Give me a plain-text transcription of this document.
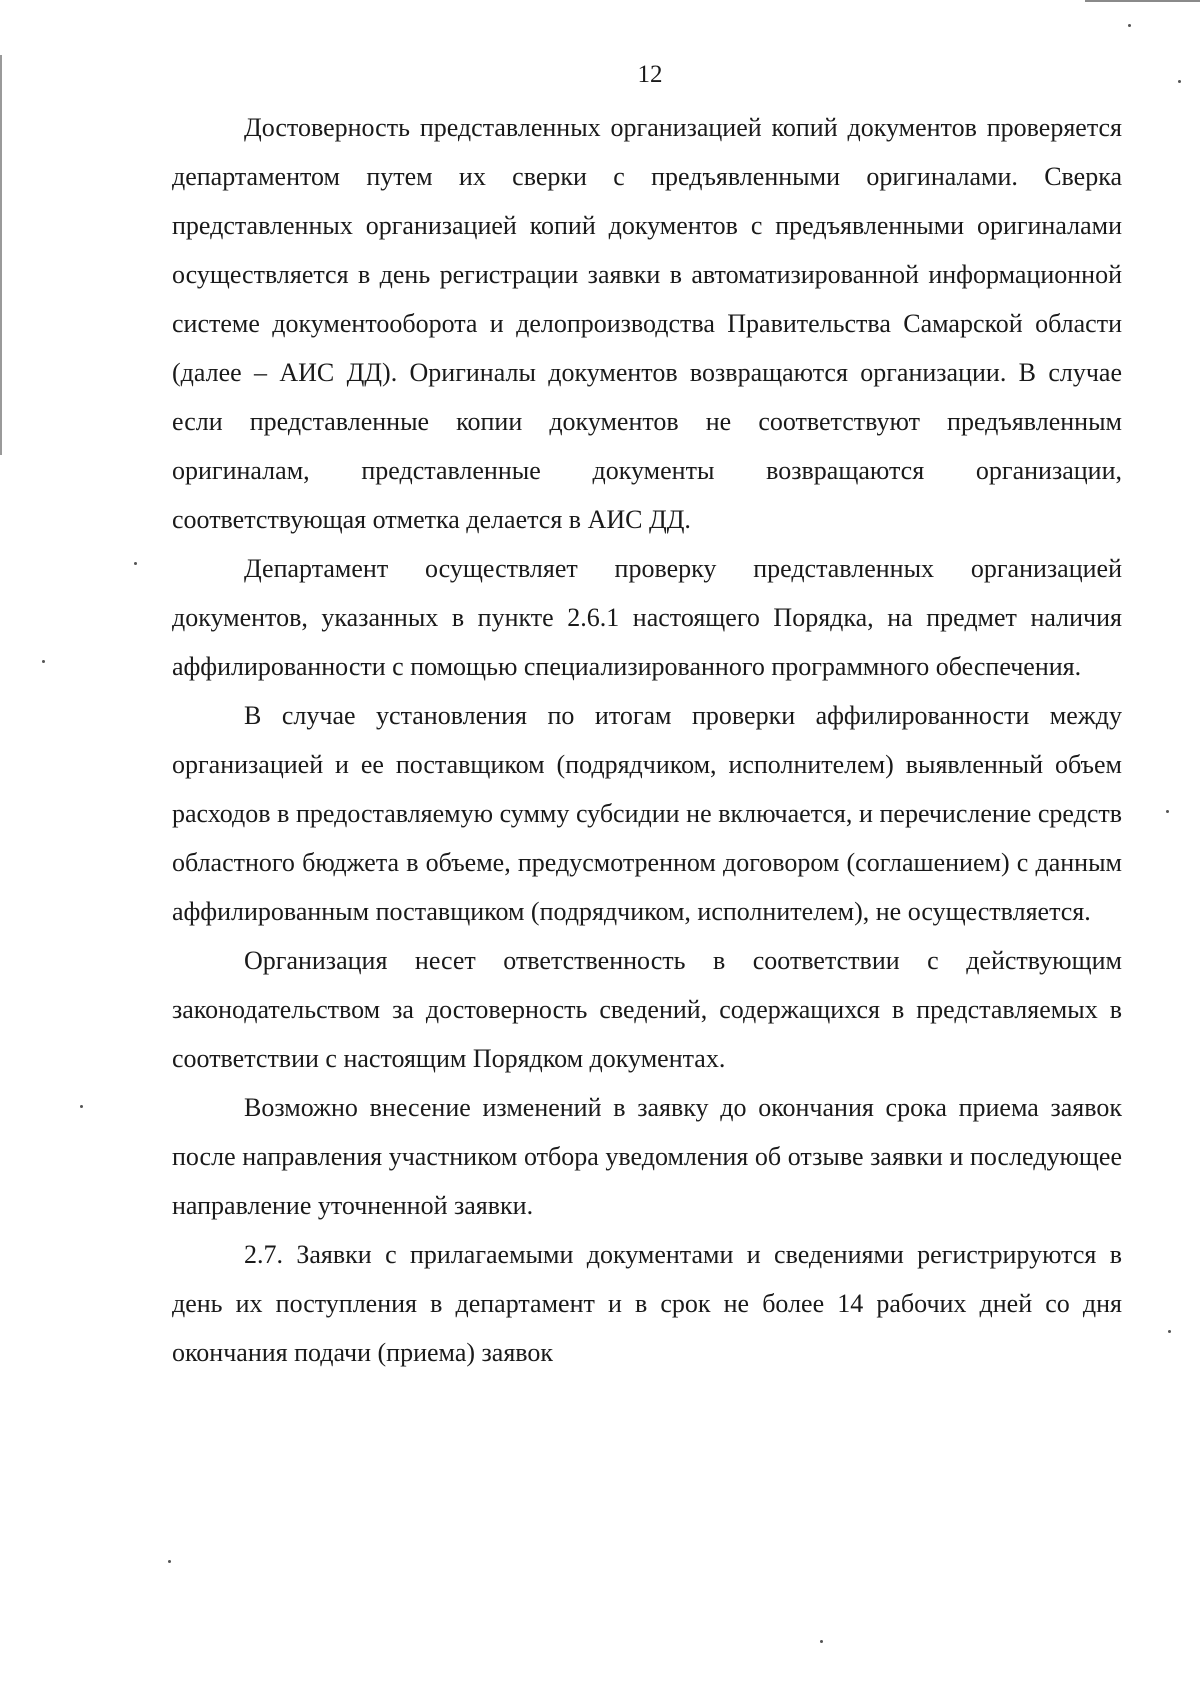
12

Достоверность представленных организацией копий документов проверяется департаментом путем их сверки с предъявленными оригиналами. Сверка представленных организацией копий документов с предъявленными оригиналами осуществляется в день регистрации заявки в автоматизированной информационной системе документооборота и делопроизводства Правительства Самарской области (далее – АИС ДД). Оригиналы документов возвращаются организации. В случае если представленные копии документов не соответствуют предъявленным оригиналам, представленные документы возвращаются организации, соответствующая отметка делается в АИС ДД.

Департамент осуществляет проверку представленных организацией документов, указанных в пункте 2.6.1 настоящего Порядка, на предмет наличия аффилированности с помощью специализированного программного обеспечения.

В случае установления по итогам проверки аффилированности между организацией и ее поставщиком (подрядчиком, исполнителем) выявленный объем расходов в предоставляемую сумму субсидии не включается, и перечисление средств областного бюджета в объеме, предусмотренном договором (соглашением) с данным аффилированным поставщиком (подрядчиком, исполнителем), не осуществляется.

Организация несет ответственность в соответствии с действующим законодательством за достоверность сведений, содержащихся в представляемых в соответствии с настоящим Порядком документах.

Возможно внесение изменений в заявку до окончания срока приема заявок после направления участником отбора уведомления об отзыве заявки и последующее направление уточненной заявки.

2.7. Заявки с прилагаемыми документами и сведениями регистрируются в день их поступления в департамент и в срок не более 14 рабочих дней со дня окончания подачи (приема) заявок
